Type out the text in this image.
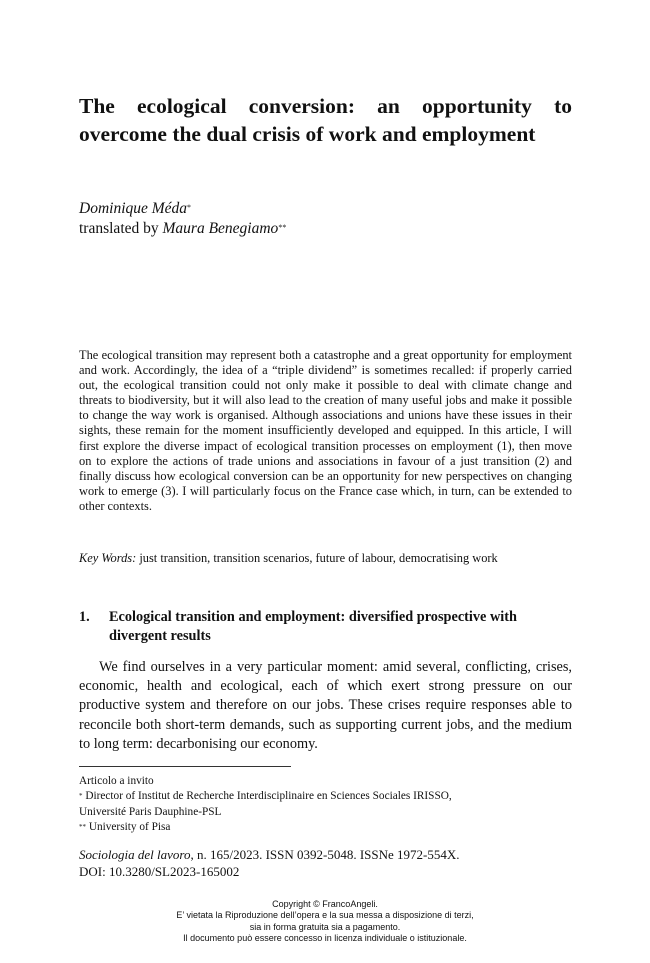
The ecological conversion: an opportunity to overcome the dual crisis of work and employment
Dominique Méda*
translated by Maura Benegiamo**

The ecological transition may represent both a catastrophe and a great opportunity for employment and work. Accordingly, the idea of a “triple dividend” is sometimes recalled: if properly carried out, the ecological transition could not only make it possible to deal with climate change and threats to biodiversity, but it will also lead to the creation of many useful jobs and make it possible to change the way work is organised. Although associations and unions have these issues in their sights, these remain for the moment insufficiently developed and equipped. In this article, I will first explore the diverse impact of ecological transition processes on employment (1), then move on to explore the actions of trade unions and associations in favour of a just transition (2) and finally discuss how ecological conversion can be an opportunity for new perspectives on changing work to emerge (3). I will particularly focus on the France case which, in turn, can be extended to other contexts.

Key Words: just transition, transition scenarios, future of labour, democratising work

1.	Ecological transition and employment: diversified prospective with divergent results

We find ourselves in a very particular moment: amid several, conflicting, crises, economic, health and ecological, each of which exert strong pressure on our productive system and therefore on our jobs. These crises require responses able to reconcile both short-term demands, such as supporting current jobs, and the medium to long term: decarbonising our economy.

Articolo a invito
* Director of Institut de Recherche Interdisciplinaire en Sciences Sociales IRISSO,
Université Paris Dauphine-PSL
** University of Pisa
Sociologia del lavoro, n. 165/2023. ISSN 0392-5048. ISSNe 1972-554X.
DOI: 10.3280/SL2023-165002
Copyright © FrancoAngeli.
E’ vietata la Riproduzione dell’opera e la sua messa a disposizione di terzi,
sia in forma gratuita sia a pagamento.
Il documento può essere concesso in licenza individuale o istituzionale.
